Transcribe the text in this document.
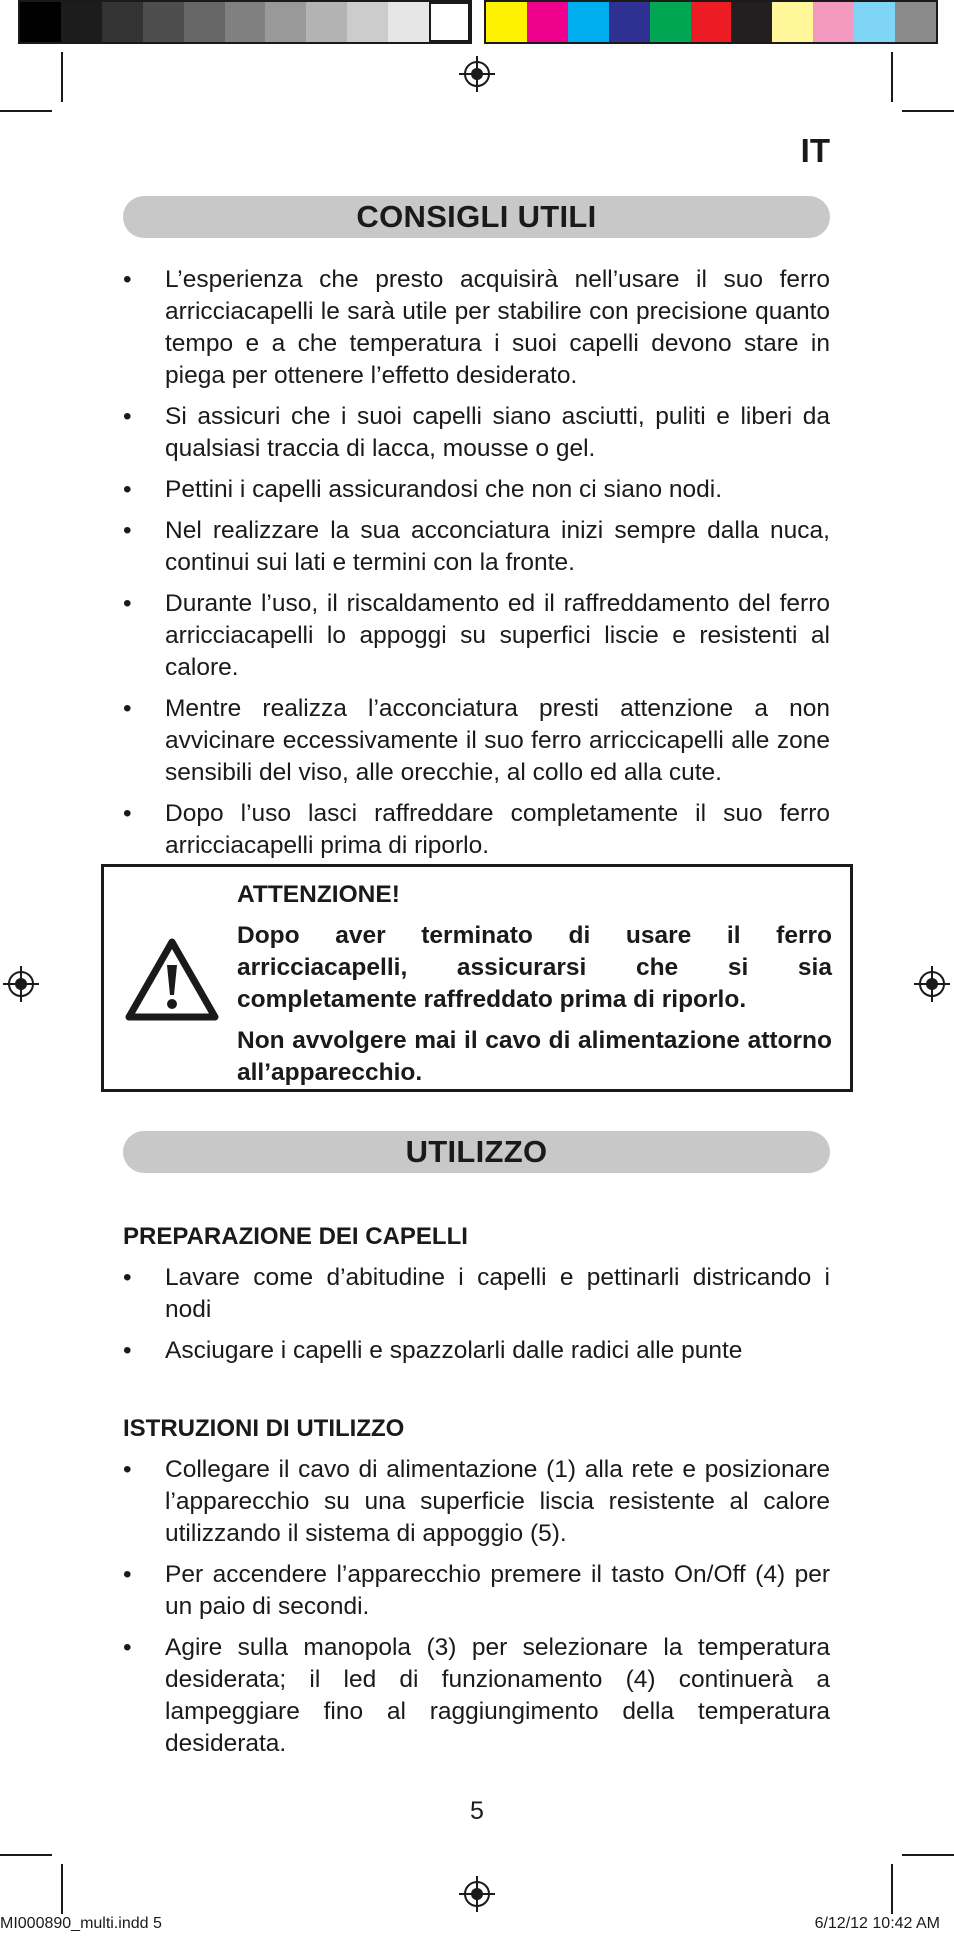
IT
CONSIGLI UTILI
• L’esperienza che presto acquisirà nell’usare il suo ferro arricciacapelli le sarà utile per stabilire con precisione quanto tempo e a che temperatura i suoi capelli devono stare in piega per ottenere l’effetto desiderato.
• Si assicuri che i suoi capelli siano asciutti, puliti e liberi da qualsiasi traccia di lacca, mousse o gel.
• Pettini i capelli assicurandosi che non ci siano nodi.
• Nel realizzare la sua acconciatura inizi sempre dalla nuca, continui sui lati e termini con la fronte.
• Durante l’uso, il riscaldamento ed il raffreddamento del ferro arricciacapelli lo appoggi su superfici liscie e resistenti al calore.
• Mentre realizza l’acconciatura presti attenzione a non avvicinare eccessivamente il suo ferro arriccicapelli alle zone sensibili del viso, alle orecchie, al collo ed alla cute.
• Dopo l’uso lasci raffreddare completamente il suo ferro arricciacapelli prima di riporlo.
ATTENZIONE!

Dopo aver terminato di usare il ferro arricciacapelli, assicurarsi che si sia completamente raffreddato prima di riporlo.

Non avvolgere mai il cavo di alimentazione attorno all’apparecchio.

UTILIZZO
PREPARAZIONE DEI CAPELLI
• Lavare come d’abitudine i capelli e pettinarli districando i nodi
• Asciugare i capelli e spazzolarli dalle radici alle punte
ISTRUZIONI DI UTILIZZO
• Collegare il cavo di alimentazione (1) alla rete e posizionare l’apparecchio su una superficie liscia resistente al calore utilizzando il sistema di appoggio (5).
• Per accendere l’apparecchio premere il tasto On/Off (4) per un paio di secondi.
• Agire sulla manopola (3) per selezionare la temperatura desiderata; il led di funzionamento (4) continuerà a lampeggiare fino al raggiungimento della temperatura desiderata.
5
MI000890_multi.indd 5	6/12/12 10:42 AM
